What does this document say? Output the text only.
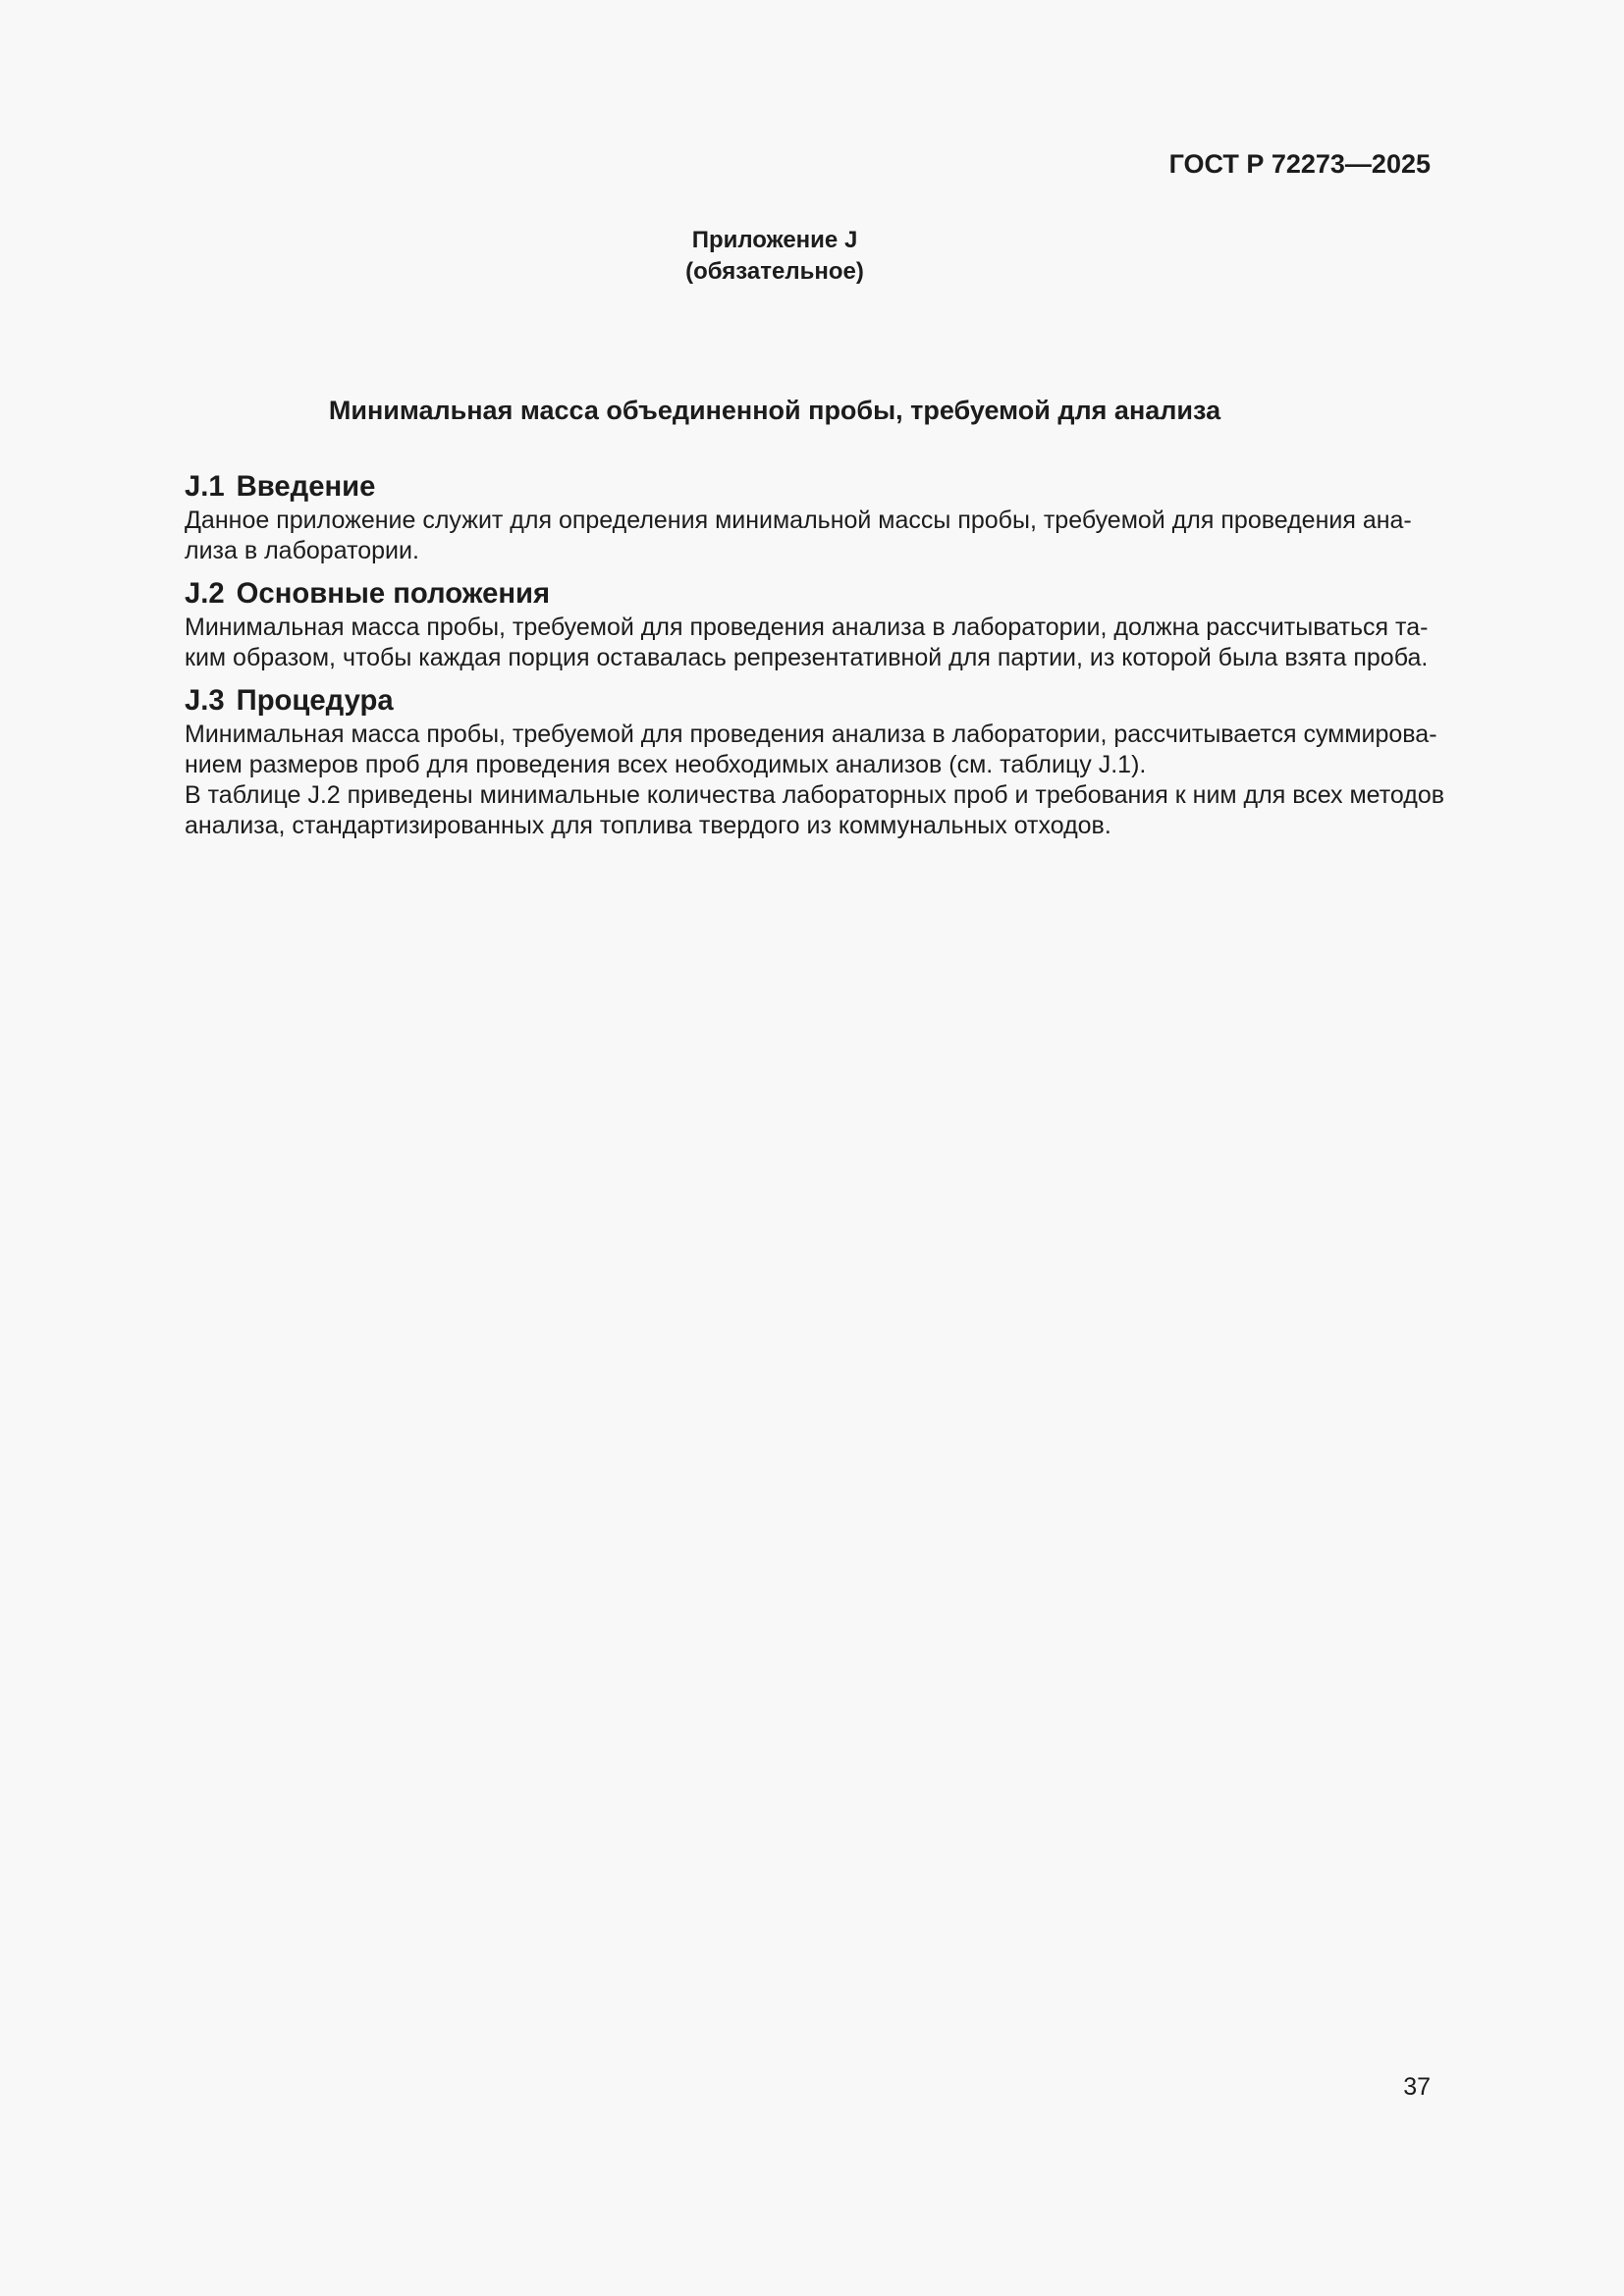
ГОСТ Р 72273—2025
Приложение J
(обязательное)
Минимальная масса объединенной пробы, требуемой для анализа
J.1 Введение

Данное приложение служит для определения минимальной массы пробы, требуемой для проведения ана-
лиза в лаборатории.

J.2 Основные положения

Минимальная масса пробы, требуемой для проведения анализа в лаборатории, должна рассчитываться та-
ким образом, чтобы каждая порция оставалась репрезентативной для партии, из которой была взята проба.

J.3 Процедура

Минимальная масса пробы, требуемой для проведения анализа в лаборатории, рассчитывается суммирова-
нием размеров проб для проведения всех необходимых анализов (см. таблицу J.1).

В таблице J.2 приведены минимальные количества лабораторных проб и требования к ним для всех методов
анализа, стандартизированных для топлива твердого из коммунальных отходов.

37
